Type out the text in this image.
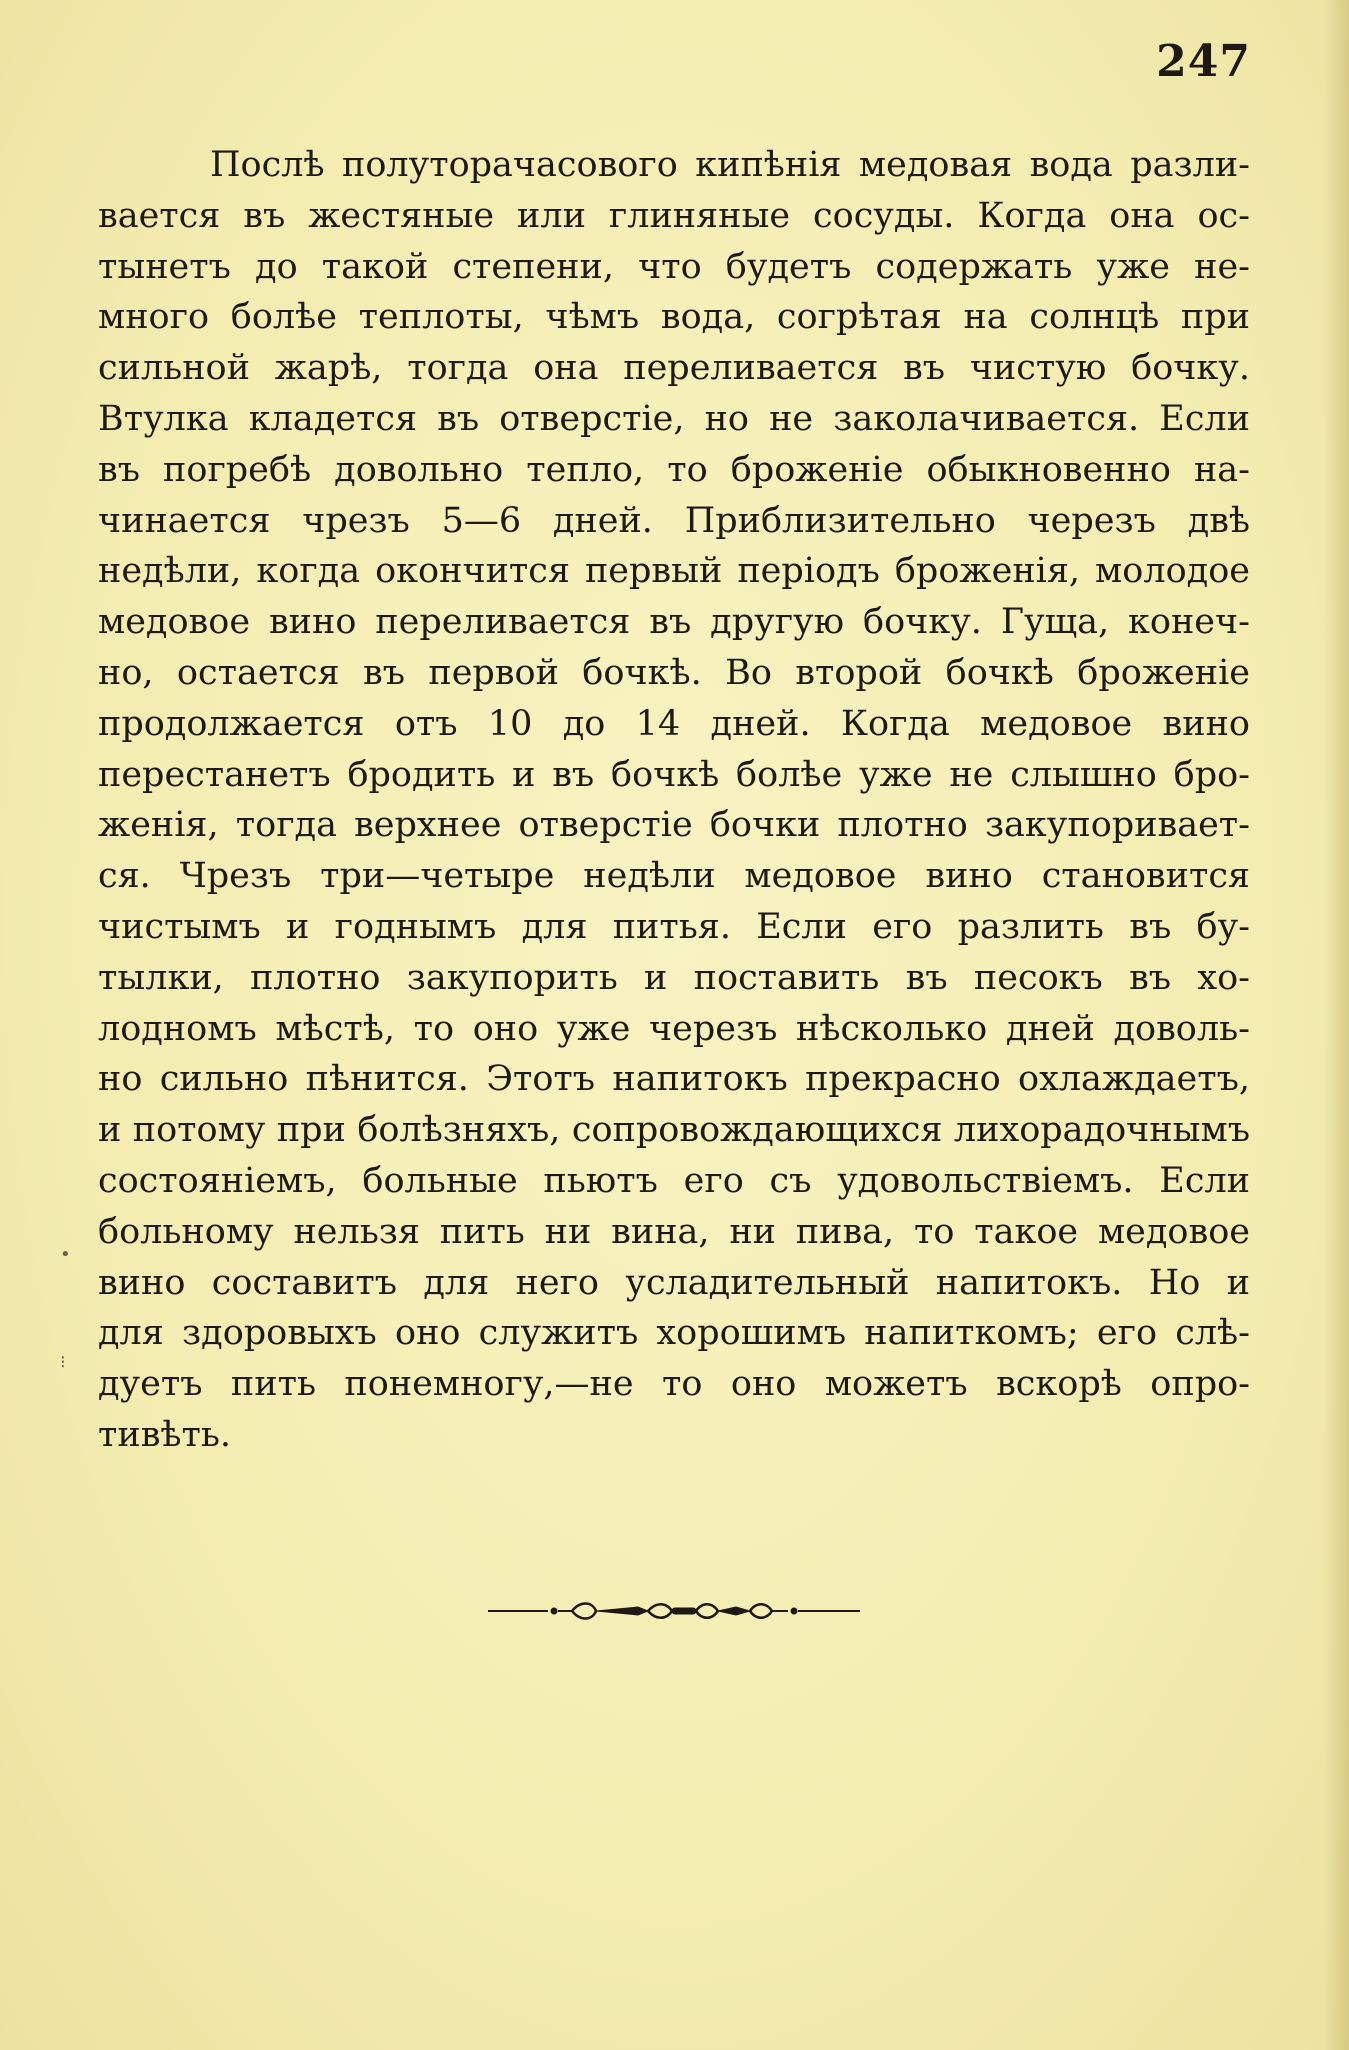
247
Послѣ полуторачасового кипѣнія медовая вода разли-
вается въ жестяные или глиняные сосуды. Когда она ос-
тынетъ до такой степени, что будетъ содержать уже не-
много болѣе теплоты, чѣмъ вода, согрѣтая на солнцѣ при
сильной жарѣ, тогда она переливается въ чистую бочку.
Втулка кладется въ отверстіе, но не заколачивается. Если
въ погребѣ довольно тепло, то броженіе обыкновенно на-
чинается чрезъ 5—6 дней. Приблизительно черезъ двѣ
недѣли, когда окончится первый періодъ броженія, молодое
медовое вино переливается въ другую бочку. Гуща, конеч-
но, остается въ первой бочкѣ. Во второй бочкѣ броженіе
продолжается отъ 10 до 14 дней. Когда медовое вино
перестанетъ бродить и въ бочкѣ болѣе уже не слышно бро-
женія, тогда верхнее отверстіе бочки плотно закупоривает-
ся. Чрезъ три—четыре недѣли медовое вино становится
чистымъ и годнымъ для питья. Если его разлить въ бу-
тылки, плотно закупорить и поставить въ песокъ въ хо-
лодномъ мѣстѣ, то оно уже черезъ нѣсколько дней доволь-
но сильно пѣнится. Этотъ напитокъ прекрасно охлаждаетъ,
и потому при болѣзняхъ, сопровождающихся лихорадочнымъ
состояніемъ, больные пьютъ его съ удовольствіемъ. Если
больному нельзя пить ни вина, ни пива, то такое медовое
вино составитъ для него усладительный напитокъ. Но и
для здоровыхъ оно служитъ хорошимъ напиткомъ; его слѣ-
дуетъ пить понемногу,—не то оно можетъ вскорѣ опро-
тивѣть.
•
⁝
